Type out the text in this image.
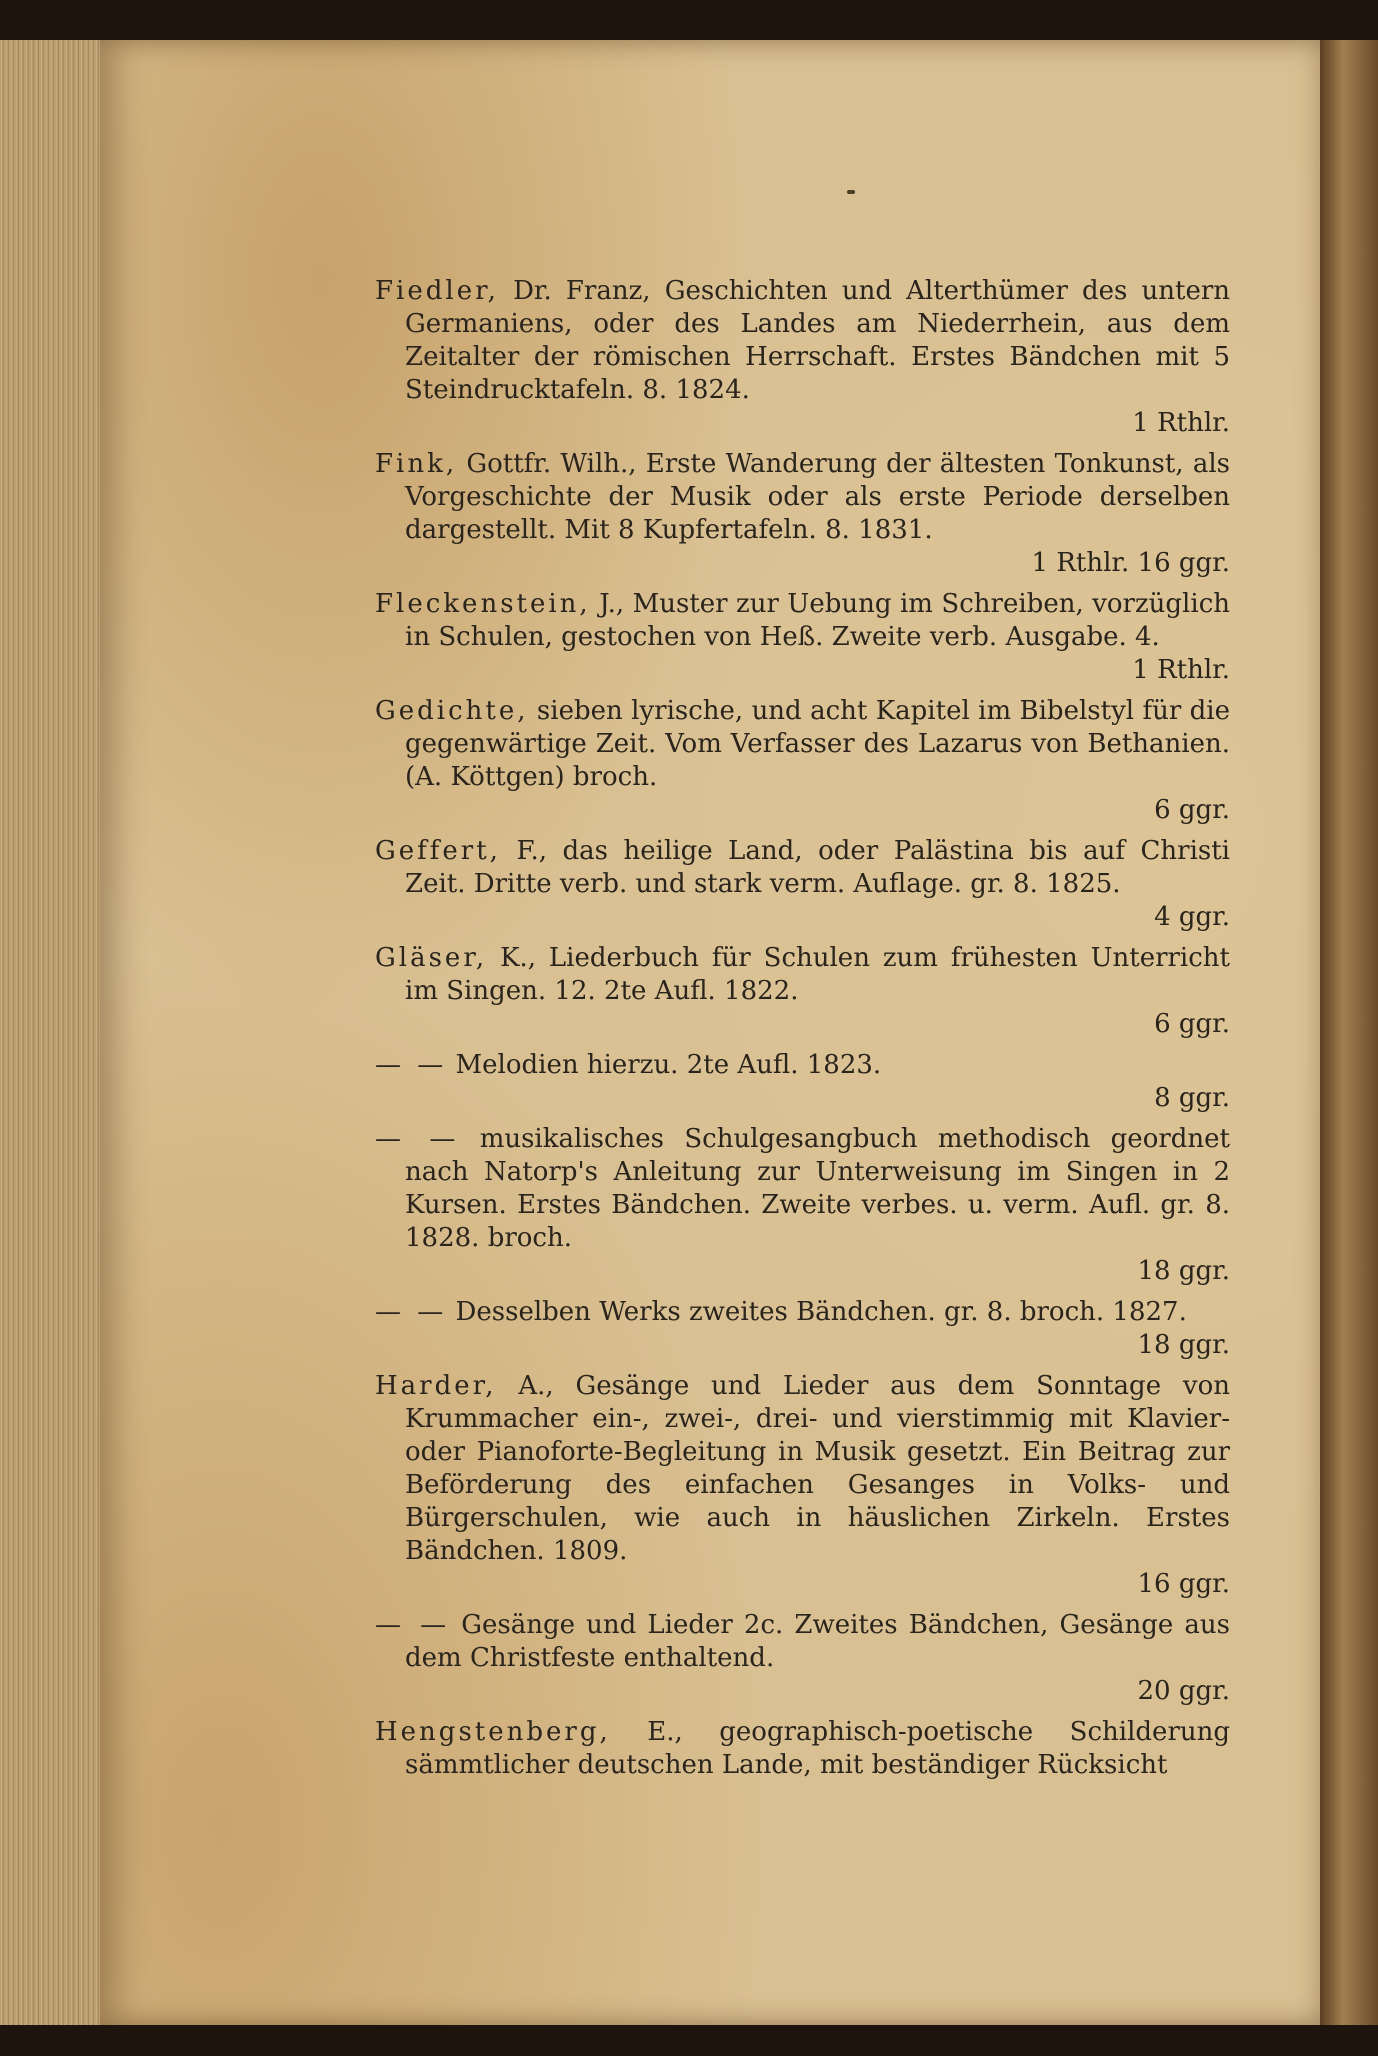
Fiedler, Dr. Franz, Geschichten und Alterthümer des untern Germaniens, oder des Landes am Niederrhein, aus dem Zeitalter der römischen Herrschaft. Erstes Bändchen mit 5 Steindrucktafeln. 8. 1824.
1 Rthlr.
Fink, Gottfr. Wilh., Erste Wanderung der ältesten Tonkunst, als Vorgeschichte der Musik oder als erste Periode derselben dargestellt. Mit 8 Kupfertafeln. 8. 1831.
1 Rthlr. 16 ggr.
Fleckenstein, J., Muster zur Uebung im Schreiben, vorzüglich in Schulen, gestochen von Heß. Zweite verb. Ausgabe. 4.
1 Rthlr.
Gedichte, sieben lyrische, und acht Kapitel im Bibelstyl für die gegenwärtige Zeit. Vom Verfasser des Lazarus von Bethanien. (A. Köttgen) broch.
6 ggr.
Geffert, F., das heilige Land, oder Palästina bis auf Christi Zeit. Dritte verb. und stark verm. Auflage. gr. 8. 1825.
4 ggr.
Gläser, K., Liederbuch für Schulen zum frühesten Unterricht im Singen. 12. 2te Aufl. 1822.
6 ggr.
— — Melodien hierzu. 2te Aufl. 1823.
8 ggr.
— — musikalisches Schulgesangbuch methodisch geordnet nach Natorp's Anleitung zur Unterweisung im Singen in 2 Kursen. Erstes Bändchen. Zweite verbes. u. verm. Aufl. gr. 8. 1828. broch.
18 ggr.
— — Desselben Werks zweites Bändchen. gr. 8. broch. 1827.
18 ggr.
Harder, A., Gesänge und Lieder aus dem Sonntage von Krummacher ein-, zwei-, drei- und vierstimmig mit Klavier- oder Pianoforte-Begleitung in Musik gesetzt. Ein Beitrag zur Beförderung des einfachen Gesanges in Volks- und Bürgerschulen, wie auch in häuslichen Zirkeln. Erstes Bändchen. 1809.
16 ggr.
— — Gesänge und Lieder 2c. Zweites Bändchen, Gesänge aus dem Christfeste enthaltend.
20 ggr.
Hengstenberg, E., geographisch-poetische Schilderung sämmtlicher deutschen Lande, mit beständiger Rücksicht
